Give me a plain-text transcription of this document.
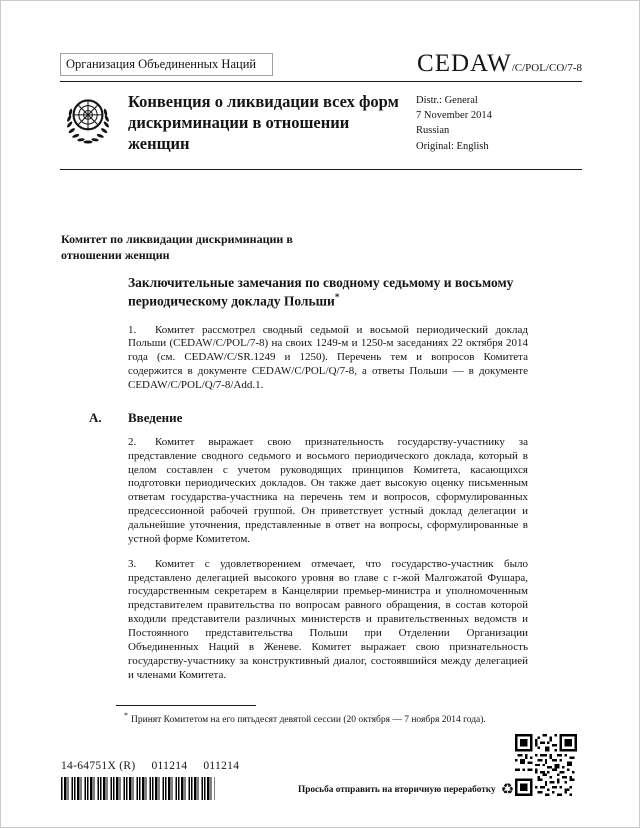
Организация Объединенных Наций	CEDAW/C/POL/CO/7-8
Конвенция о ликвидации всех форм дискриминации в отношении женщин
Distr.: General
7 November 2014
Russian
Original: English
Комитет по ликвидации дискриминации в отношении женщин
Заключительные замечания по сводному седьмому и восьмому периодическому докладу Польши*

1. Комитет рассмотрел сводный седьмой и восьмой периодический доклад Польши (CEDAW/C/POL/7-8) на своих 1249-м и 1250-м заседаниях 22 октября 2014 года (см. CEDAW/C/SR.1249 и 1250). Перечень тем и вопросов Комитета содержится в документе CEDAW/C/POL/Q/7-8, а ответы Польши — в документе CEDAW/C/POL/Q/7-8/Add.1.

A.	Введение

2. Комитет выражает свою признательность государству-участнику за представление сводного седьмого и восьмого периодического доклада, который в целом составлен с учетом руководящих принципов Комитета, касающихся подготовки периодических докладов. Он также дает высокую оценку письменным ответам государства-участника на перечень тем и вопросов, сформулированных предсессионной рабочей группой. Он приветствует устный доклад делегации и дальнейшие уточнения, представленные в ответ на вопросы, сформулированные в устной форме Комитетом.

3. Комитет с удовлетворением отмечает, что государство-участник было представлено делегацией высокого уровня во главе с г-жой Малгожатой Фушара, государственным секретарем в Канцелярии премьер-министра и уполномоченным представителем правительства по вопросам равного обращения, в состав которой входили представители различных министерств и правительственных ведомств и Постоянного представительства Польши при Отделении Организации Объединенных Наций в Женеве. Комитет выражает свою признательность государству-участнику за конструктивный диалог, состоявшийся между делегацией и членами Комитета.

* Принят Комитетом на его пятьдесят девятой сессии (20 октября — 7 ноября 2014 года).
14-64751X (R) 011214 011214
Просьба отправить на вторичную переработку ♻
